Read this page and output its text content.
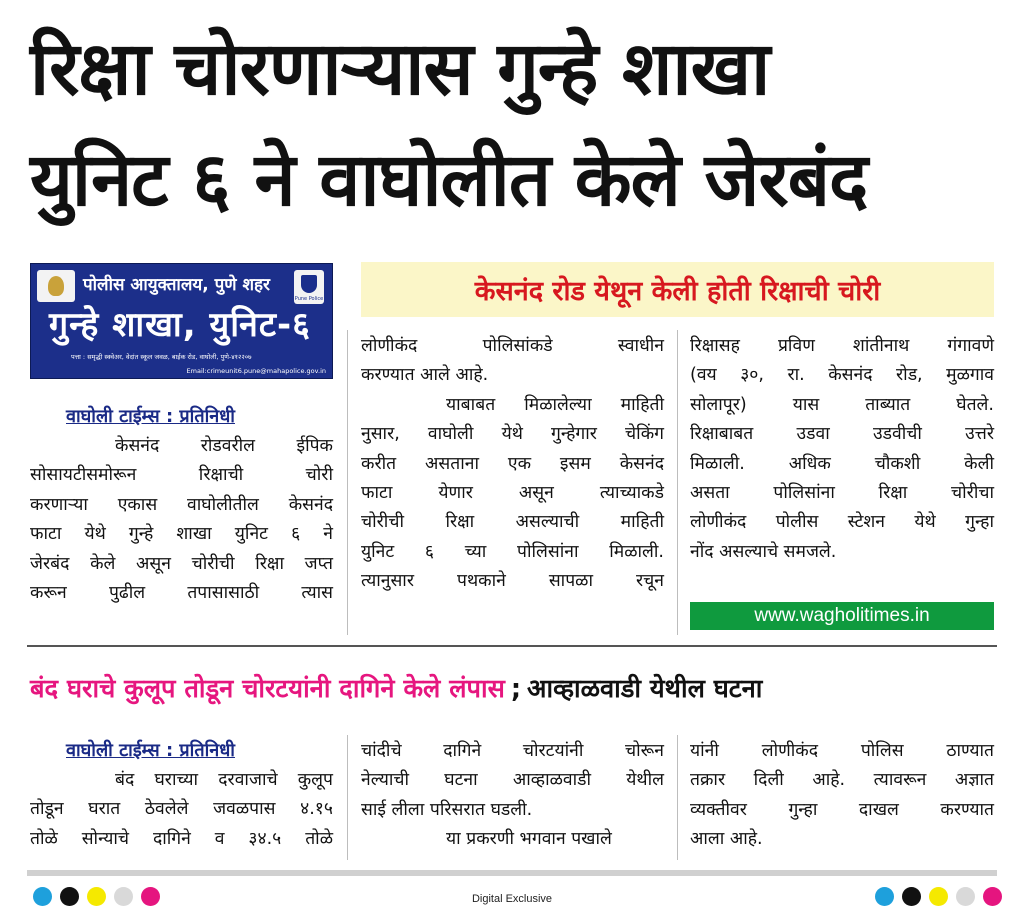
रिक्षा चोरणाऱ्यास गुन्हे शाखा
युनिट ६ ने वाघोलीत केले जेरबंद
Pune Police
पोलीस आयुक्तालय, पुणे शहर
गुन्हे शाखा, युनिट-६
पत्ता : समृद्धी स्क्वेअर, वेदांत स्कूल जवळ, बाईक रोड, वाघोली, पुणे-४१२२०७
Email:crimeunit6.pune@mahapolice.gov.in
केसनंद रोड येथून केली होती रिक्षाची चोरी
वाघोली टाईम्स : प्रतिनिधी
केसनंद रोडवरील ईपिक
सोसायटीसमोरून रिक्षाची चोरी
करणाऱ्या एकास वाघोलीतील केसनंद
फाटा येथे गुन्हे शाखा युनिट ६ ने
जेरबंद केले असून चोरीची रिक्षा जप्त
करून पुढील तपासासाठी त्यास
लोणीकंद पोलिसांकडे स्वाधीन
करण्यात आले आहे.
याबाबत मिळालेल्या माहिती
नुसार, वाघोली येथे गुन्हेगार चेकिंग
करीत असताना एक इसम केसनंद
फाटा येणार असून त्याच्याकडे
चोरीची रिक्षा असल्याची माहिती
युनिट ६ च्या पोलिसांना मिळाली.
त्यानुसार पथकाने सापळा रचून
रिक्षासह प्रविण शांतीनाथ गंगावणे
(वय ३०, रा. केसनंद रोड, मुळगाव
सोलापूर) यास ताब्यात घेतले.
रिक्षाबाबत उडवा उडवीची उत्तरे
मिळाली. अधिक चौकशी केली
असता पोलिसांना रिक्षा चोरीचा
लोणीकंद पोलीस स्टेशन येथे गुन्हा
नोंद असल्याचे समजले.
www.wagholitimes.in
बंद घराचे कुलूप तोडून चोरटयांनी दागिने केले लंपास ; आव्हाळवाडी येथील घटना
वाघोली टाईम्स : प्रतिनिधी
बंद घराच्या दरवाजाचे कुलूप
तोडून घरात ठेवलेले जवळपास ४.१५
तोळे सोन्याचे दागिने व ३४.५ तोळे
चांदीचे दागिने चोरटयांनी चोरून
नेल्याची घटना आव्हाळवाडी येथील
साई लीला परिसरात घडली.
या प्रकरणी भगवान पखाले
यांनी लोणीकंद पोलिस ठाण्यात
तक्रार दिली आहे. त्यावरून अज्ञात
व्यक्तीवर गुन्हा दाखल करण्यात
आला आहे.
Digital Exclusive
